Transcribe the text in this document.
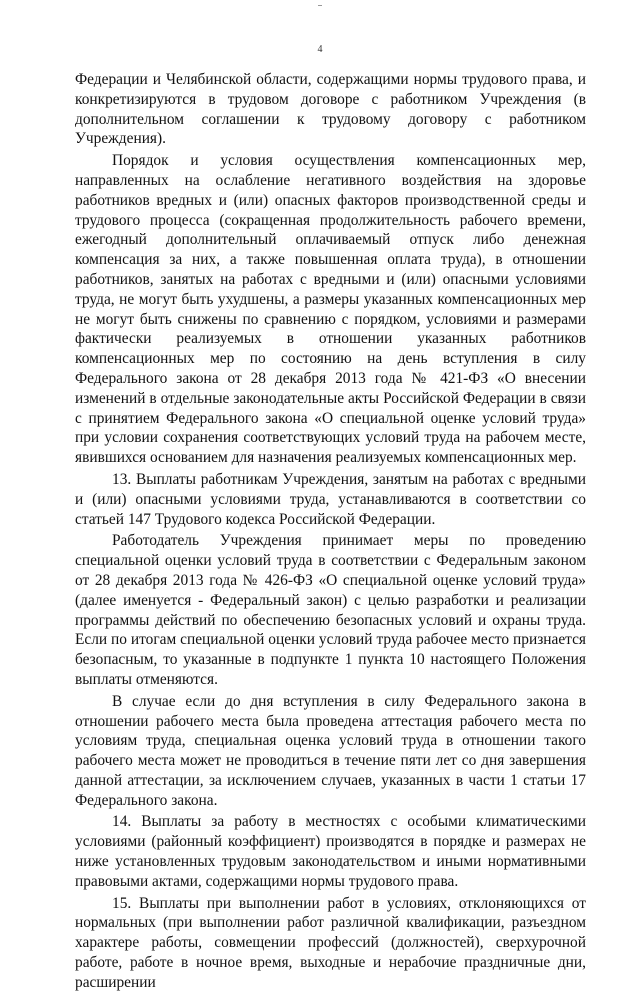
4

Федерации и Челябинской области, содержащими нормы трудового права, и конкретизируются в трудовом договоре с работником Учреждения (в дополнительном соглашении к трудовому договору с работником Учреждения).

Порядок и условия осуществления компенсационных мер, направленных на ослабление негативного воздействия на здоровье работников вредных и (или) опасных факторов производственной среды и трудового процесса (сокращенная продолжительность рабочего времени, ежегодный дополнительный оплачиваемый отпуск либо денежная компенсация за них, а также повышенная оплата труда), в отношении работников, занятых на работах с вредными и (или) опасными условиями труда, не могут быть ухудшены, а размеры указанных компенсационных мер не могут быть снижены по сравнению с порядком, условиями и размерами фактически реализуемых в отношении указанных работников компенсационных мер по состоянию на день вступления в силу Федерального закона от 28 декабря 2013 года № 421-ФЗ «О внесении изменений в отдельные законодательные акты Российской Федерации в связи с принятием Федерального закона «О специальной оценке условий труда» при условии сохранения соответствующих условий труда на рабочем месте, явившихся основанием для назначения реализуемых компенсационных мер.

13. Выплаты работникам Учреждения, занятым на работах с вредными и (или) опасными условиями труда, устанавливаются в соответствии со статьей 147 Трудового кодекса Российской Федерации.

Работодатель Учреждения принимает меры по проведению специальной оценки условий труда в соответствии с Федеральным законом от 28 декабря 2013 года № 426-ФЗ «О специальной оценке условий труда» (далее именуется - Федеральный закон) с целью разработки и реализации программы действий по обеспечению безопасных условий и охраны труда. Если по итогам специальной оценки условий труда рабочее место признается безопасным, то указанные в подпункте 1 пункта 10 настоящего Положения выплаты отменяются.

В случае если до дня вступления в силу Федерального закона в отношении рабочего места была проведена аттестация рабочего места по условиям труда, специальная оценка условий труда в отношении такого рабочего места может не проводиться в течение пяти лет со дня завершения данной аттестации, за исключением случаев, указанных в части 1 статьи 17 Федерального закона.

14. Выплаты за работу в местностях с особыми климатическими условиями (районный коэффициент) производятся в порядке и размерах не ниже установленных трудовым законодательством и иными нормативными правовыми актами, содержащими нормы трудового права.

15. Выплаты при выполнении работ в условиях, отклоняющихся от нормальных (при выполнении работ различной квалификации, разъездном характере работы, совмещении профессий (должностей), сверхурочной работе, работе в ночное время, выходные и нерабочие праздничные дни, расширении
